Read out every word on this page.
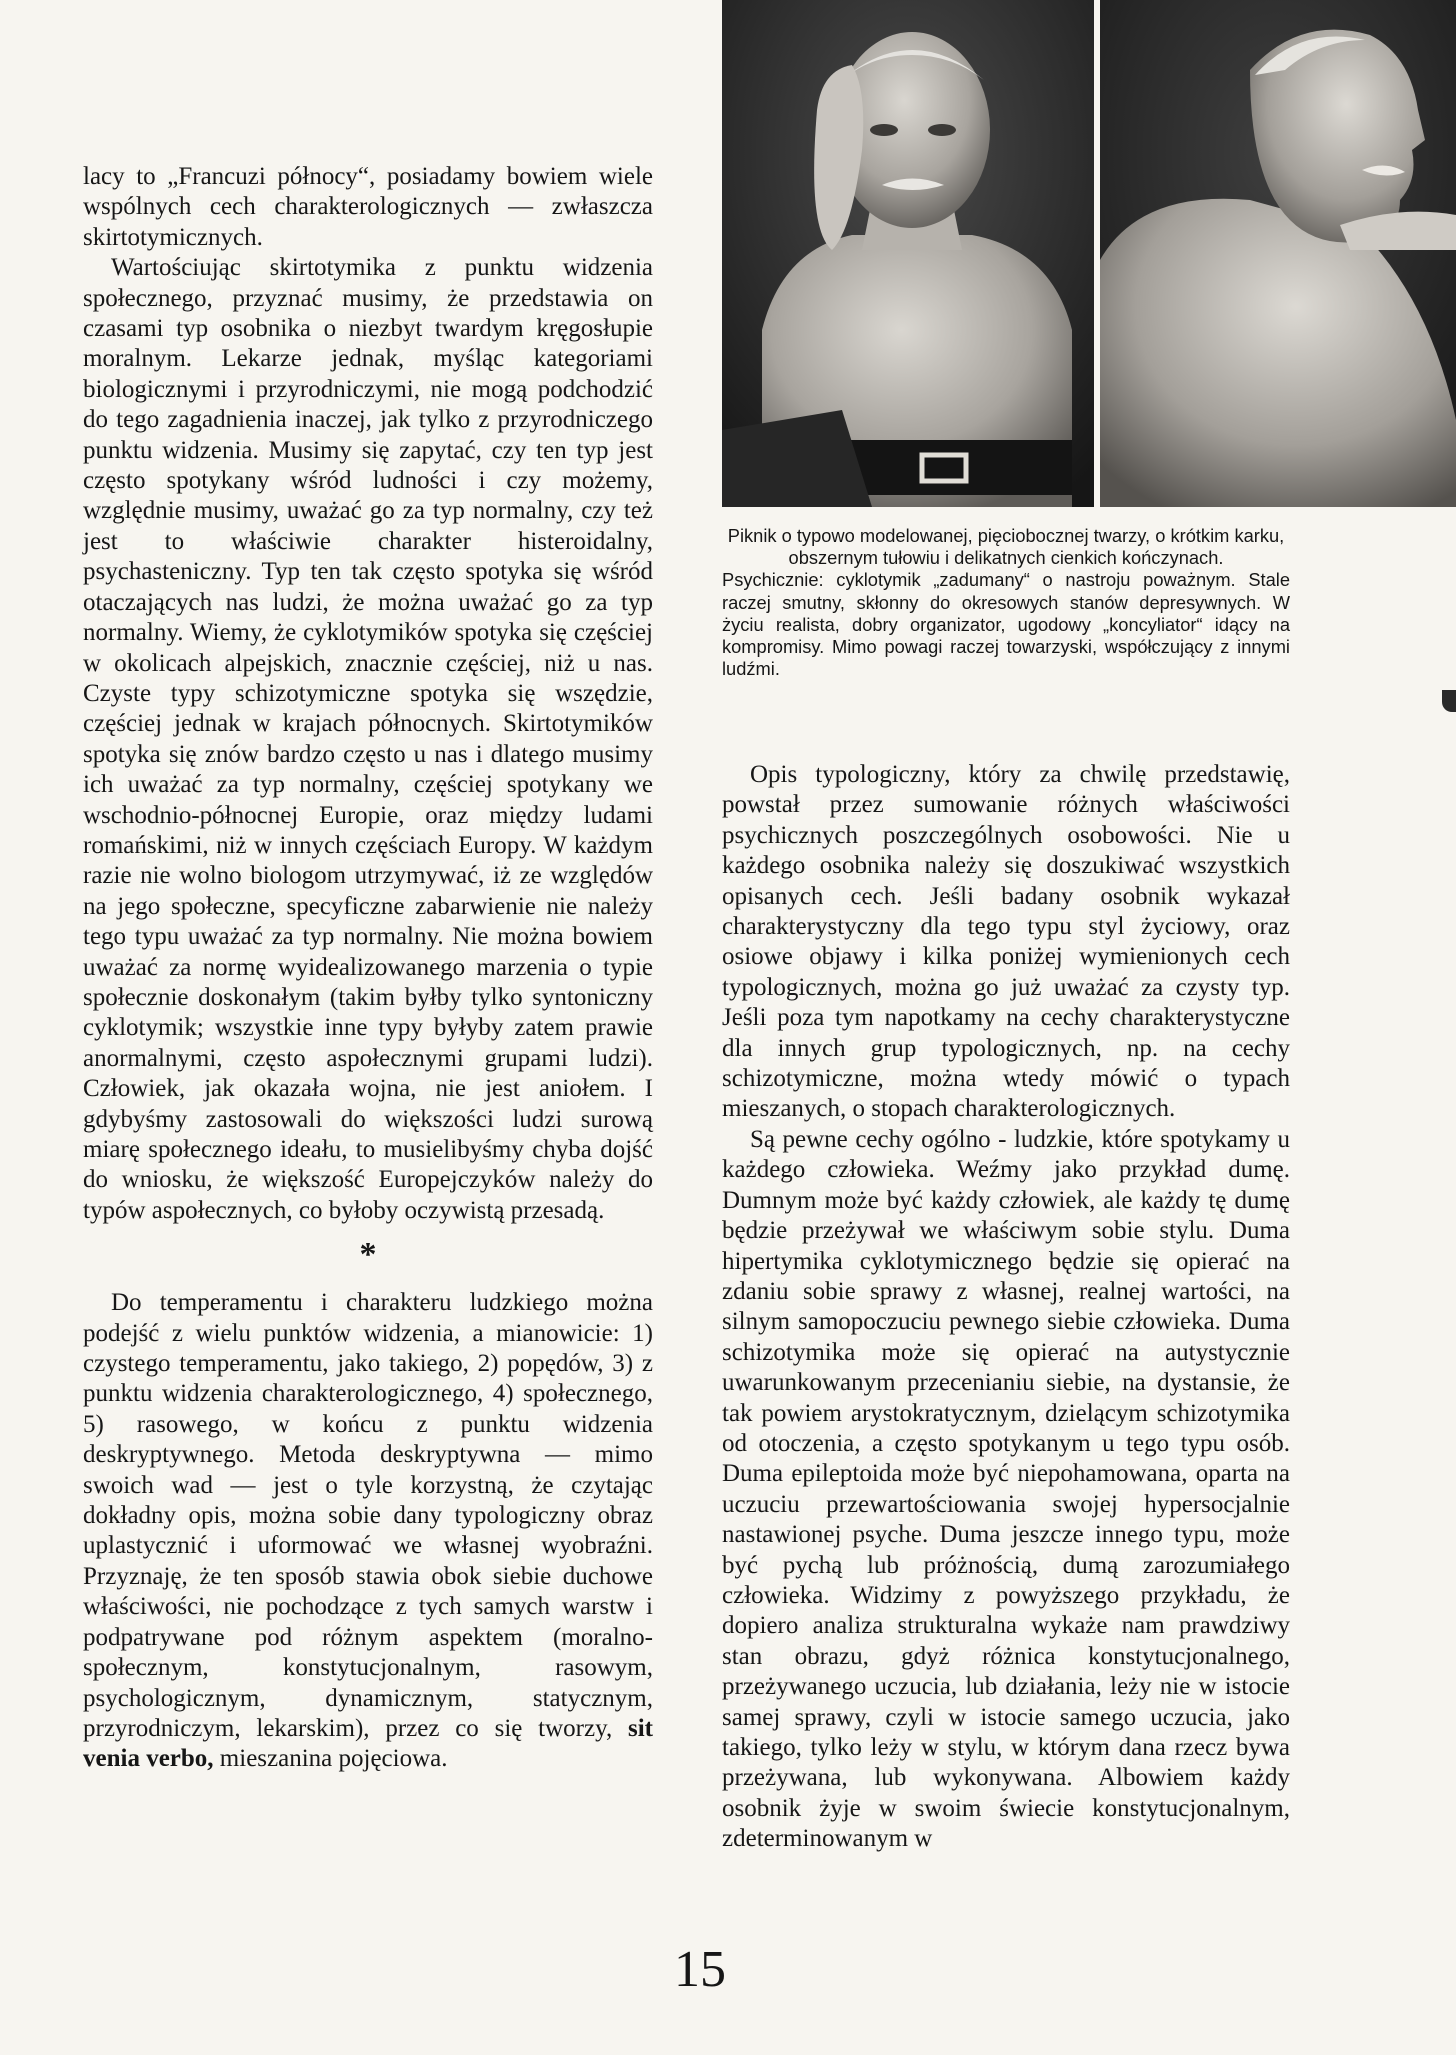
lacy to „Francuzi północy“, posiadamy bowiem wiele wspólnych cech charakterologicznych — zwłaszcza skirtotymicznych.

Wartościując skirtotymika z punktu widzenia społecznego, przyznać musimy, że przedstawia on czasami typ osobnika o niezbyt twardym kręgosłupie moralnym. Lekarze jednak, myśląc kategoriami biologicznymi i przyrodniczymi, nie mogą podchodzić do tego zagadnienia inaczej, jak tylko z przyrodniczego punktu widzenia. Musimy się zapytać, czy ten typ jest często spotykany wśród ludności i czy możemy, względnie musimy, uważać go za typ normalny, czy też jest to właściwie charakter histeroidalny, psychasteniczny. Typ ten tak często spotyka się wśród otaczających nas ludzi, że można uważać go za typ normalny. Wiemy, że cyklotymików spotyka się częściej w okolicach alpejskich, znacznie częściej, niż u nas. Czyste typy schizotymiczne spotyka się wszędzie, częściej jednak w krajach północnych. Skirtotymików spotyka się znów bardzo często u nas i dlatego musimy ich uważać za typ normalny, częściej spotykany we wschodnio-północnej Europie, oraz między ludami romańskimi, niż w innych częściach Europy. W każdym razie nie wolno biologom utrzymywać, iż ze względów na jego społeczne, specyficzne zabarwienie nie należy tego typu uważać za typ normalny. Nie można bowiem uważać za normę wyidealizowanego marzenia o typie społecznie doskonałym (takim byłby tylko syntoniczny cyklotymik; wszystkie inne typy byłyby zatem prawie anormalnymi, często aspołecznymi grupami ludzi). Człowiek, jak okazała wojna, nie jest aniołem. I gdybyśmy zastosowali do większości ludzi surową miarę społecznego ideału, to musielibyśmy chyba dojść do wniosku, że większość Europejczyków należy do typów aspołecznych, co byłoby oczywistą przesadą.

*

Do temperamentu i charakteru ludzkiego można podejść z wielu punktów widzenia, a mianowicie: 1) czystego temperamentu, jako takiego, 2) popędów, 3) z punktu widzenia charakterologicznego, 4) społecznego, 5) rasowego, w końcu z punktu widzenia deskryptywnego. Metoda deskryptywna — mimo swoich wad — jest o tyle korzystną, że czytając dokładny opis, można sobie dany typologiczny obraz uplastycznić i uformować we własnej wyobraźni. Przyznaję, że ten sposób stawia obok siebie duchowe właściwości, nie pochodzące z tych samych warstw i podpatrywane pod różnym aspektem (moralno-społecznym, konstytucjonalnym, rasowym, psychologicznym, dynamicznym, statycznym, przyrodniczym, lekarskim), przez co się tworzy, sit venia verbo, mieszanina pojęciowa.

Piknik o typowo modelowanej, pięciobocznej twarzy, o krótkim karku, obszernym tułowiu i delikatnych cienkich kończynach.

Psychicznie: cyklotymik „zadumany“ o nastroju poważnym. Stale raczej smutny, skłonny do okresowych stanów depresywnych. W życiu realista, dobry organizator, ugodowy „koncyliator“ idący na kompromisy. Mimo powagi raczej towarzyski, współczujący z innymi ludźmi.

Opis typologiczny, który za chwilę przedstawię, powstał przez sumowanie różnych właściwości psychicznych poszczególnych osobowości. Nie u każdego osobnika należy się doszukiwać wszystkich opisanych cech. Jeśli badany osobnik wykazał charakterystyczny dla tego typu styl życiowy, oraz osiowe objawy i kilka poniżej wymienionych cech typologicznych, można go już uważać za czysty typ. Jeśli poza tym napotkamy na cechy charakterystyczne dla innych grup typologicznych, np. na cechy schizotymiczne, można wtedy mówić o typach mieszanych, o stopach charakterologicznych.

Są pewne cechy ogólno - ludzkie, które spotykamy u każdego człowieka. Weźmy jako przykład dumę. Dumnym może być każdy człowiek, ale każdy tę dumę będzie przeżywał we właściwym sobie stylu. Duma hipertymika cyklotymicznego będzie się opierać na zdaniu sobie sprawy z własnej, realnej wartości, na silnym samopoczuciu pewnego siebie człowieka. Duma schizotymika może się opierać na autystycznie uwarunkowanym przecenianiu siebie, na dystansie, że tak powiem arystokratycznym, dzielącym schizotymika od otoczenia, a często spotykanym u tego typu osób. Duma epileptoida może być niepohamowana, oparta na uczuciu przewartościowania swojej hypersocjalnie nastawionej psyche. Duma jeszcze innego typu, może być pychą lub próżnością, dumą zarozumiałego człowieka. Widzimy z powyższego przykładu, że dopiero analiza strukturalna wykaże nam prawdziwy stan obrazu, gdyż różnica konstytucjonalnego, przeżywanego uczucia, lub działania, leży nie w istocie samej sprawy, czyli w istocie samego uczucia, jako takiego, tylko leży w stylu, w którym dana rzecz bywa przeżywana, lub wykonywana. Albowiem każdy osobnik żyje w swoim świecie konstytucjonalnym, zdeterminowanym w

15
